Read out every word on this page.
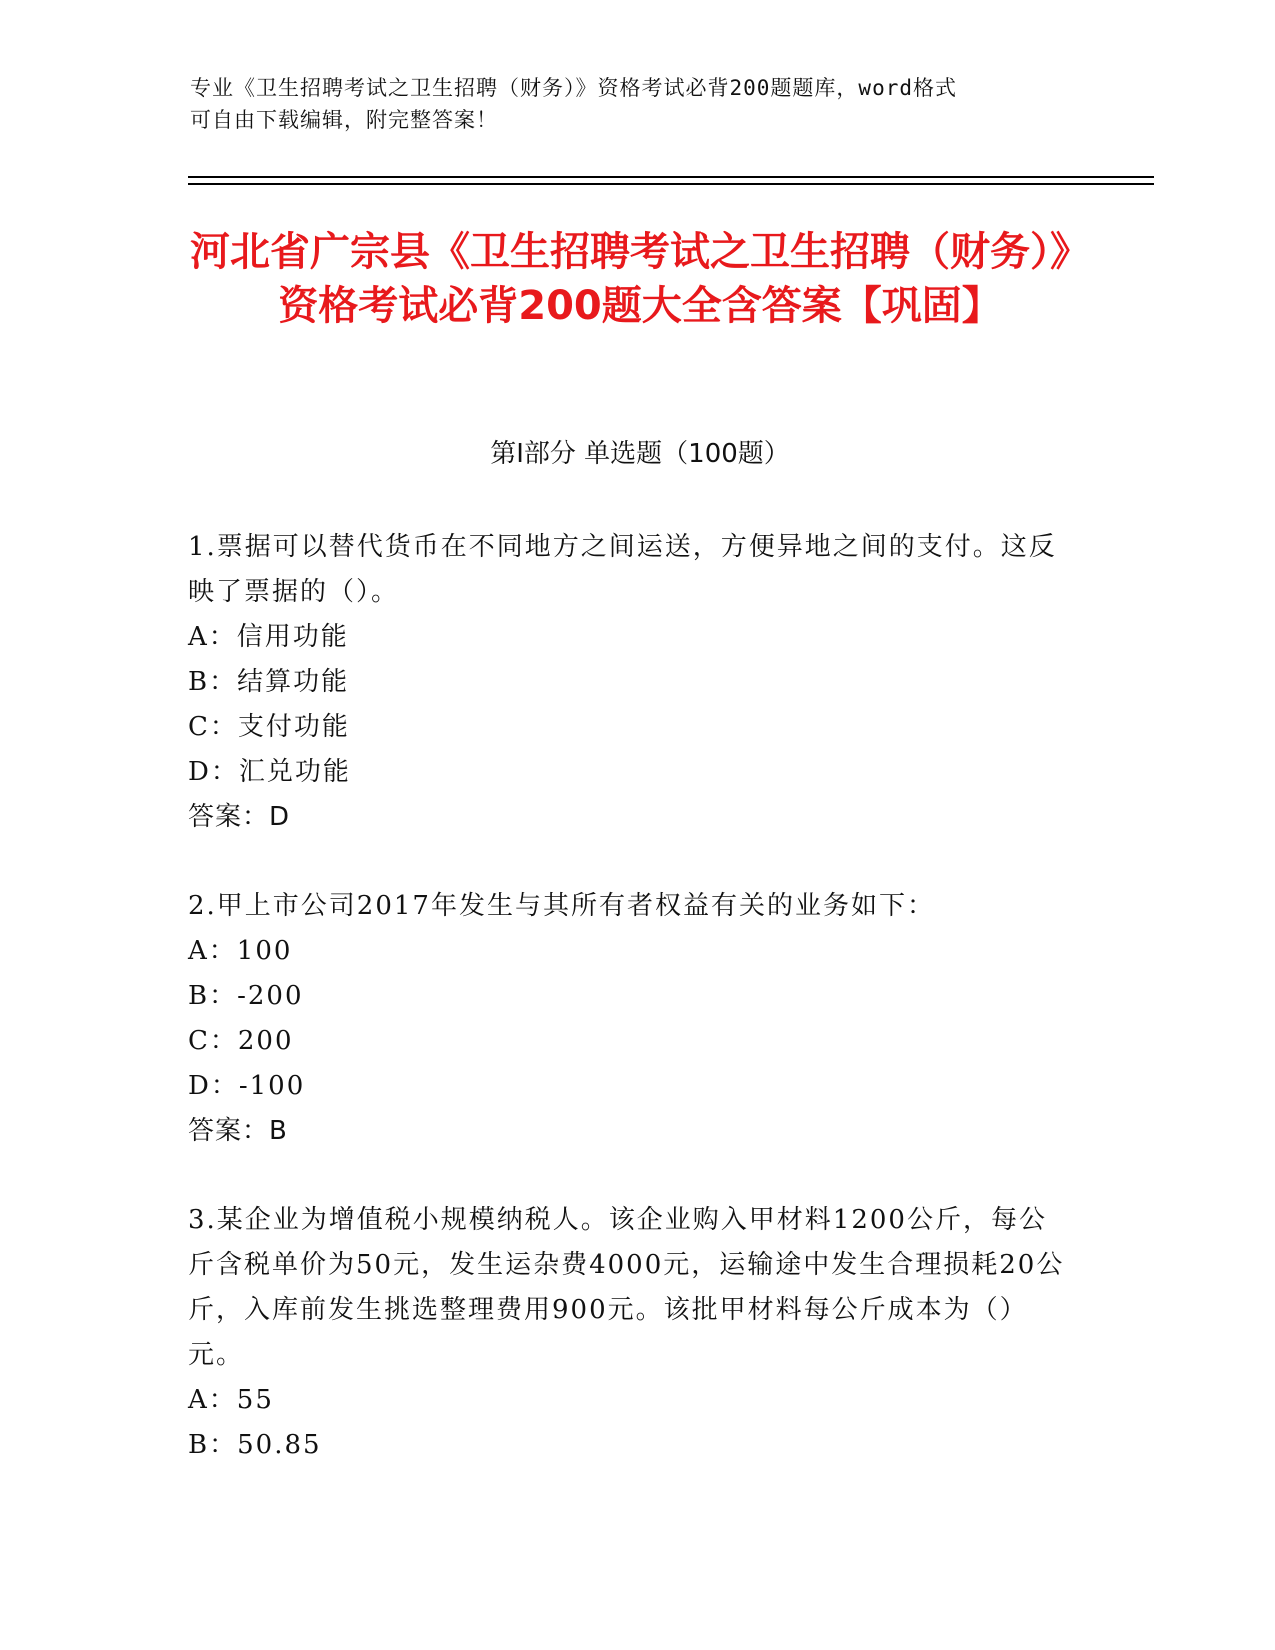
专业《卫生招聘考试之卫生招聘（财务）》资格考试必背200题题库，word格式
可自由下载编辑，附完整答案！
河北省广宗县《卫生招聘考试之卫生招聘（财务）》资格考试必背200题大全含答案【巩固】
第I部分 单选题（100题）
1.票据可以替代货币在不同地方之间运送，方便异地之间的支付。这反映了票据的（）。
A：信用功能
B：结算功能
C：支付功能
D：汇兑功能
答案：D
2.甲上市公司2017年发生与其所有者权益有关的业务如下：
A：100
B：-200
C：200
D：-100
答案：B
3.某企业为增值税小规模纳税人。该企业购入甲材料1200公斤，每公斤含税单价为50元，发生运杂费4000元，运输途中发生合理损耗20公斤，入库前发生挑选整理费用900元。该批甲材料每公斤成本为（）元。
A：55
B：50.85
